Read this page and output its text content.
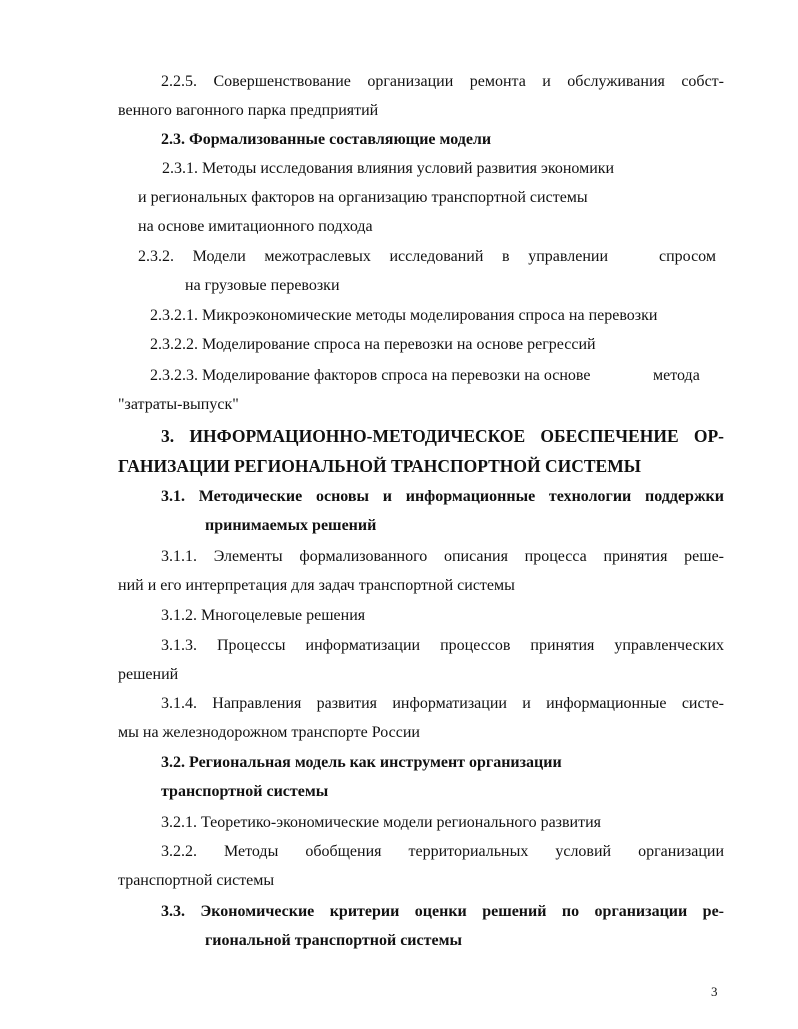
2.2.5. Совершенствование организации ремонта и обслуживания собст-
венного вагонного парка предприятий
2.3. Формализованные составляющие модели
2.3.1. Методы исследования влияния условий развития экономики
и региональных факторов на организацию транспортной системы
на основе имитационного подхода
2.3.2. Модели межотраслевых исследований в управлении	спросом
на грузовые перевозки
2.3.2.1. Микроэкономические методы моделирования спроса на перевозки
2.3.2.2. Моделирование спроса на перевозки на основе регрессий
2.3.2.3. Моделирование факторов спроса на перевозки на основе	метода
"затраты-выпуск"
3. ИНФОРМАЦИОННО-МЕТОДИЧЕСКОЕ ОБЕСПЕЧЕНИЕ ОР-
ГАНИЗАЦИИ РЕГИОНАЛЬНОЙ ТРАНСПОРТНОЙ СИСТЕМЫ
3.1. Методические основы и информационные технологии поддержки
принимаемых решений
3.1.1. Элементы формализованного описания процесса принятия реше-
ний и его интерпретация для задач транспортной системы
3.1.2. Многоцелевые решения
3.1.3. Процессы информатизации процессов принятия управленческих
решений
3.1.4. Направления развития информатизации и информационные систе-
мы на железнодорожном транспорте России
3.2. Региональная модель как инструмент организации
транспортной системы
3.2.1. Теоретико-экономические модели регионального развития
3.2.2. Методы обобщения территориальных условий организации
транспортной системы
3.3. Экономические критерии оценки решений по организации ре-
гиональной транспортной системы
3
